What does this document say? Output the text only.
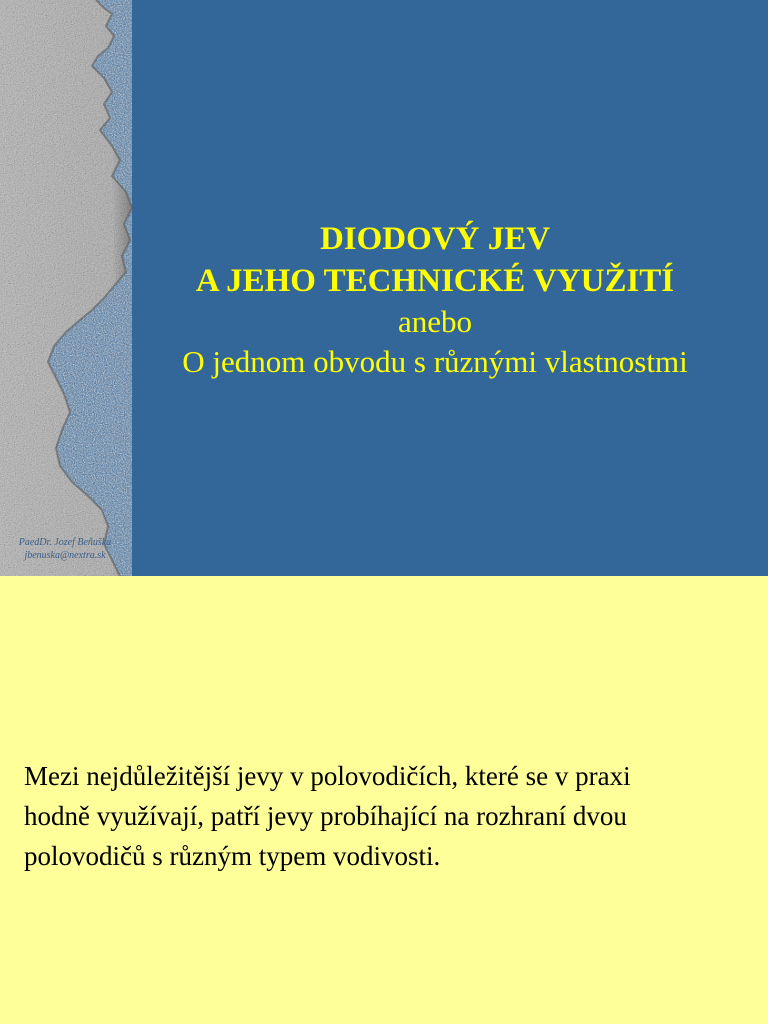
PaedDr. Jozef Beňuška
jbenuska@nextra.sk
DIODOVÝ JEV
A JEHO TECHNICKÉ VYUŽITÍ
anebo
O jednom obvodu s různými vlastnostmi
Mezi nejdůležitější jevy v polovodičích, které se v praxi
hodně využívají, patří jevy probíhající na rozhraní dvou
polovodičů s různým typem vodivosti.
